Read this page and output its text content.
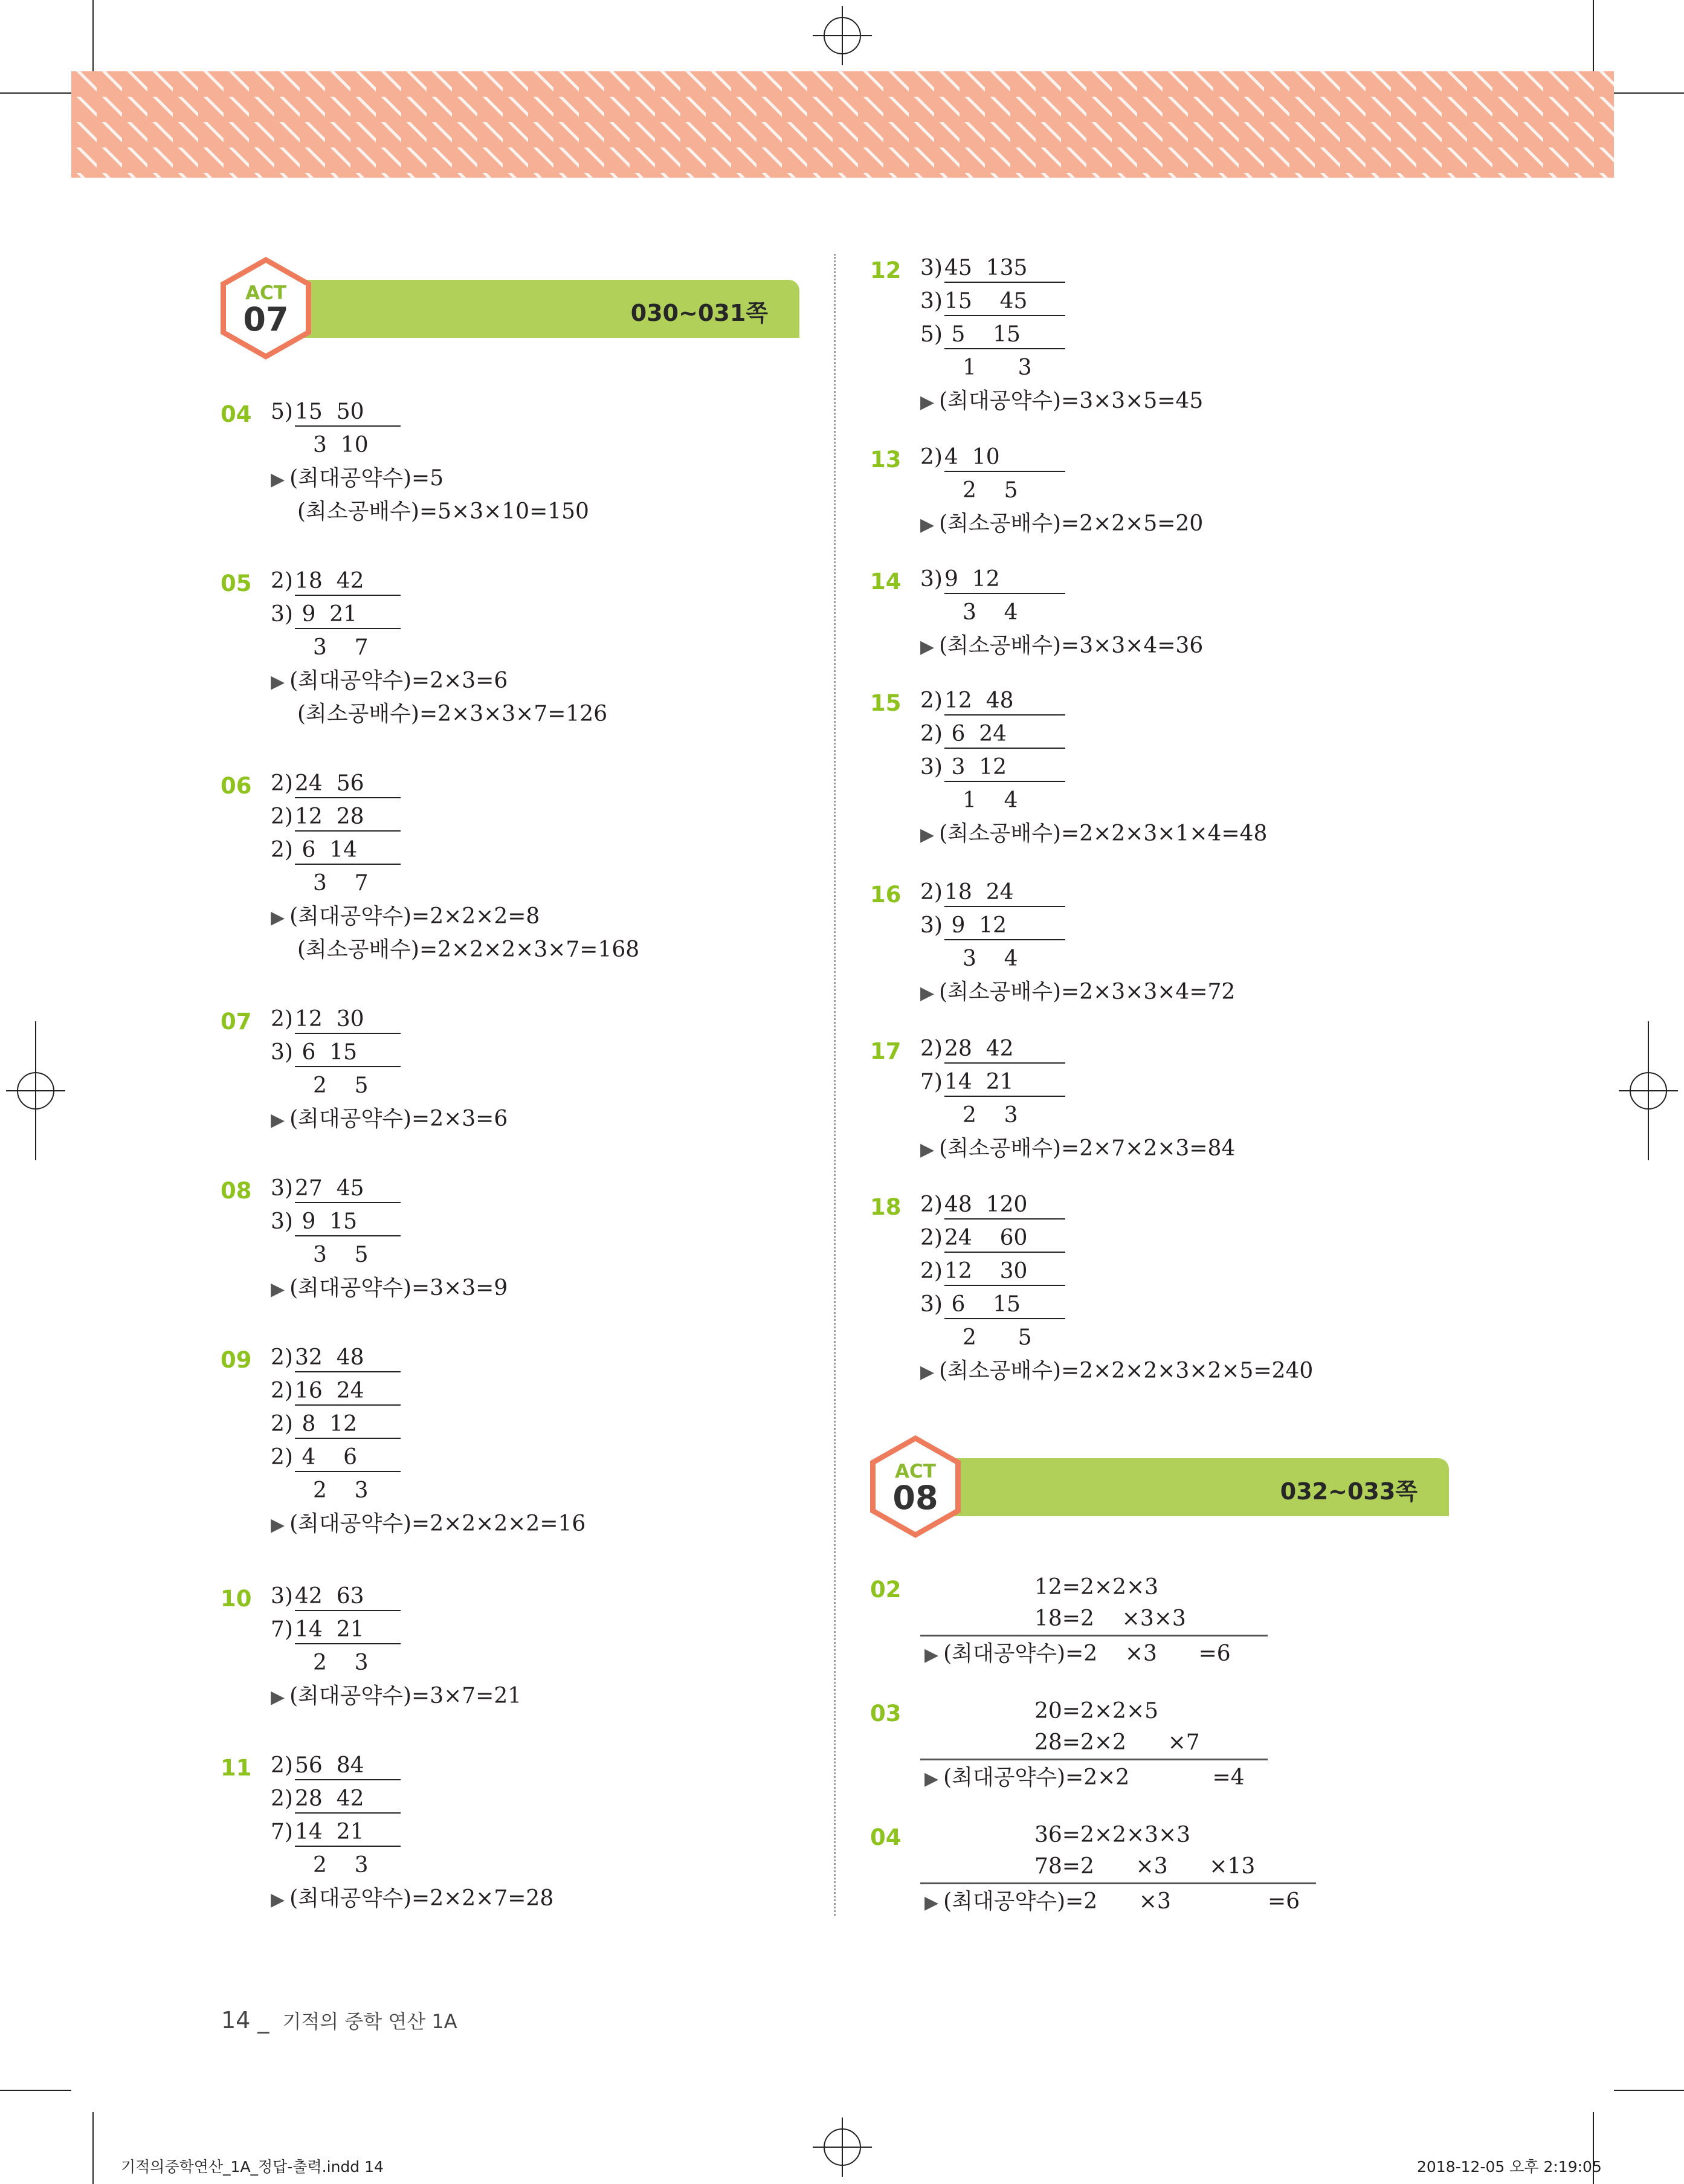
030~031쪽
ACT
07
032~033쪽
ACT
08
04 5) 15  50
3  10
▶ (최대공약수)=5
(최소공배수)=5×3×10=150
05 2) 18  42
3) 9  21
3    7
▶ (최대공약수)=2×3=6
(최소공배수)=2×3×3×7=126
06 2) 24  56
2) 12  28
2) 6  14
3    7
▶ (최대공약수)=2×2×2=8
(최소공배수)=2×2×2×3×7=168
07 2) 12  30
3) 6  15
2    5
▶ (최대공약수)=2×3=6
08 3) 27  45
3) 9  15
3    5
▶ (최대공약수)=3×3=9
09 2) 32  48
2) 16  24
2) 8  12
2) 4    6
2    3
▶ (최대공약수)=2×2×2×2=16
10 3) 42  63
7) 14  21
2    3
▶ (최대공약수)=3×7=21
11 2) 56  84
2) 28  42
7) 14  21
2    3
▶ (최대공약수)=2×2×7=28
12 3) 45  135
3) 15    45
5) 5    15
1      3
▶ (최대공약수)=3×3×5=45
13 2) 4  10
2    5
▶ (최소공배수)=2×2×5=20
14 3) 9  12
3    4
▶ (최소공배수)=3×3×4=36
15 2) 12  48
2) 6  24
3) 3  12
1    4
▶ (최소공배수)=2×2×3×1×4=48
16 2) 18  24
3) 9  12
3    4
▶ (최소공배수)=2×3×3×4=72
17 2) 28  42
7) 14  21
2    3
▶ (최소공배수)=2×7×2×3=84
18 2) 48  120
2) 24    60
2) 12    30
3) 6    15
2      5
▶ (최소공배수)=2×2×2×3×2×5=240
02	12=2×2×3
18=2    ×3×3
▶ (최대공약수)=2    ×3      =6
03	20=2×2×5
28=2×2      ×7
▶ (최대공약수)=2×2            =4
04	36=2×2×3×3
78=2      ×3      ×13
▶ (최대공약수)=2      ×3              =6
14 _ 기적의 중학 연산 1A
기적의중학연산_1A_정답-출력.indd 14	2018-12-05 오후 2:19:05
